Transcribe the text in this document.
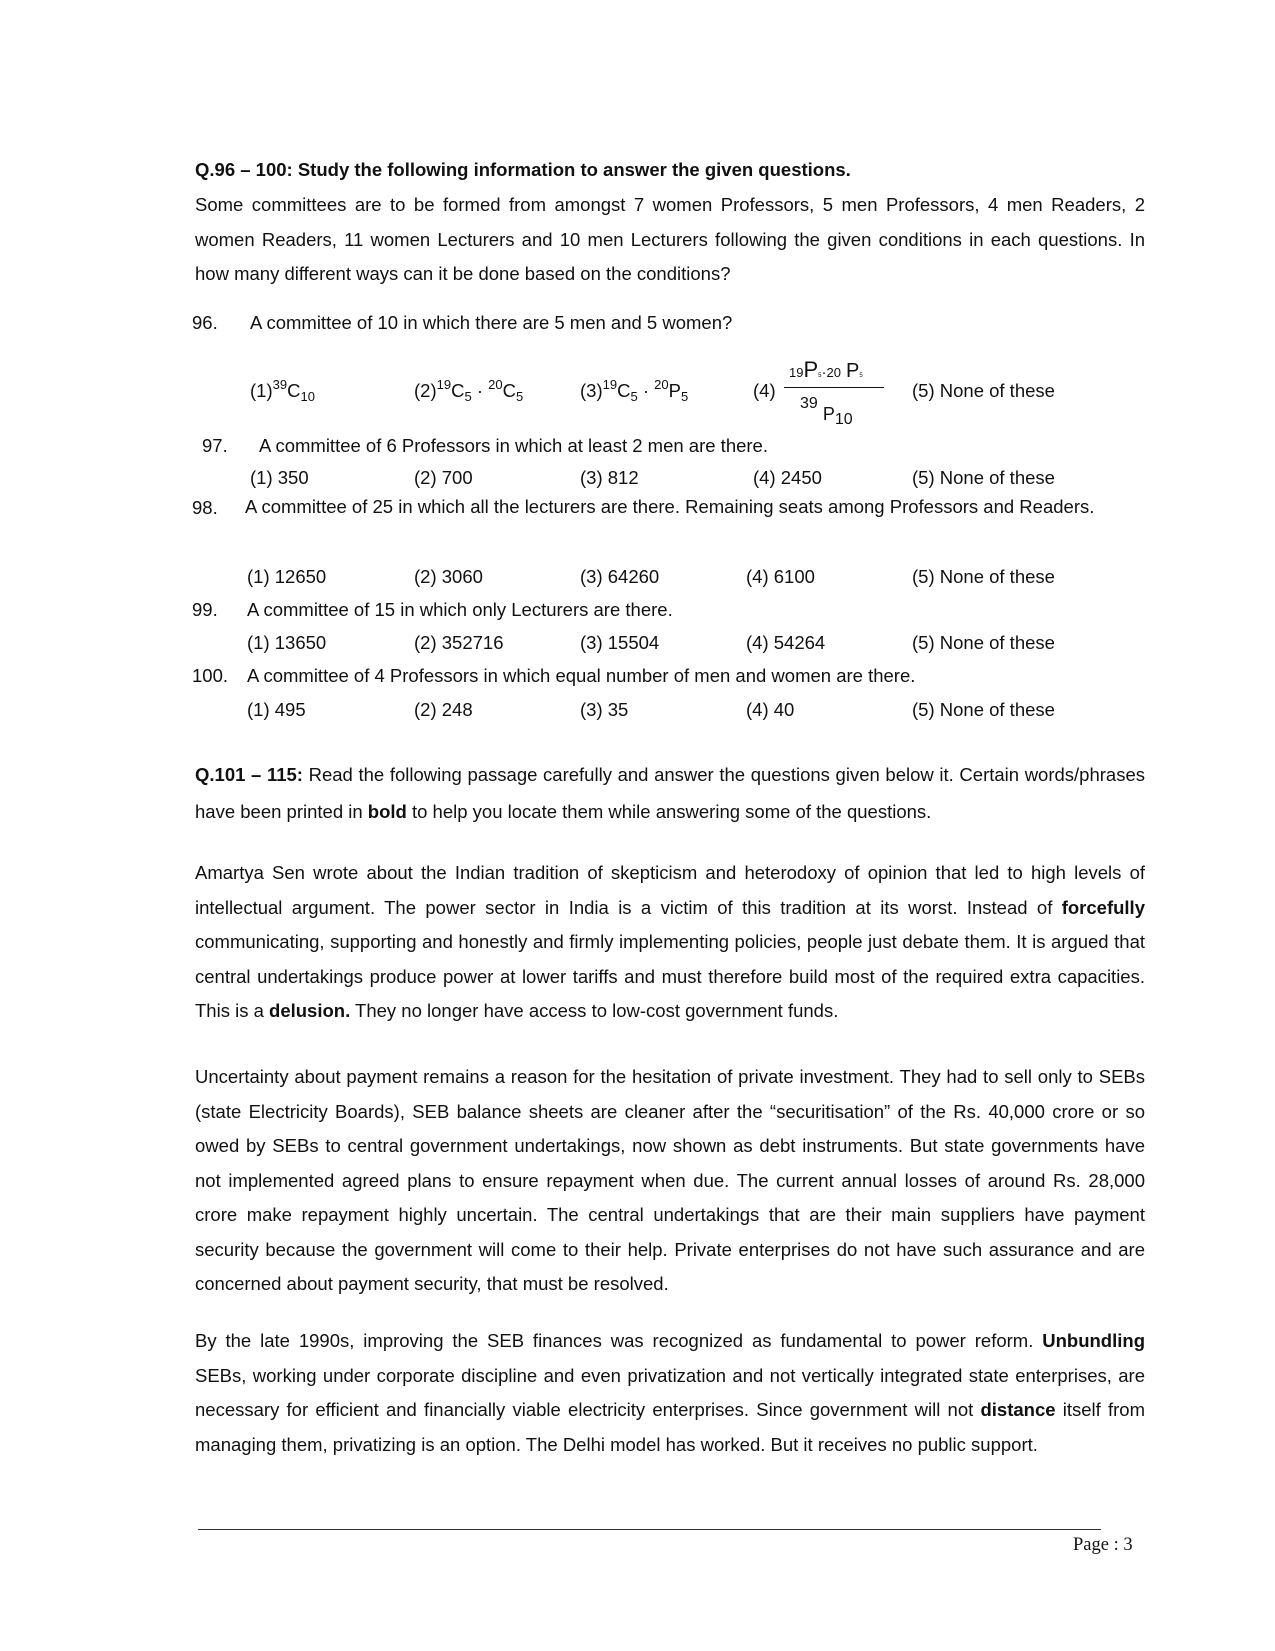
Q.96 – 100: Study the following information to answer the given questions.
Some committees are to be formed from amongst 7 women Professors, 5 men Professors, 4 men Readers, 2 women Readers, 11 women Lecturers and 10 men Lecturers following the given conditions in each questions. In how many different ways can it be done based on the conditions?
96. A committee of 10 in which there are 5 men and 5 women?
$(1)^{39}C_{10}$	$(2)^{19}C_5 \cdot ^{20}C_5$	$(3)^{19}C_5 \cdot ^{20}P_5$	(4)
19P5·20 P5
39 P10
(5) None of these
97. A committee of 6 Professors in which at least 2 men are there.
(1) 350	(2) 700	(3) 812	(4) 2450	(5) None of these
98. A committee of 25 in which all the lecturers are there. Remaining seats among Professors and Readers.
(1) 12650	(2) 3060	(3) 64260	(4) 6100	(5) None of these
99. A committee of 15 in which only Lecturers are there.
(1) 13650	(2) 352716	(3) 15504	(4) 54264	(5) None of these
100. A committee of 4 Professors in which equal number of men and women are there.
(1) 495	(2) 248	(3) 35	(4) 40	(5) None of these
Q.101 – 115: Read the following passage carefully and answer the questions given below it. Certain words/phrases have been printed in bold to help you locate them while answering some of the questions.
Amartya Sen wrote about the Indian tradition of skepticism and heterodoxy of opinion that led to high levels of intellectual argument. The power sector in India is a victim of this tradition at its worst. Instead of forcefully communicating, supporting and honestly and firmly implementing policies, people just debate them. It is argued that central undertakings produce power at lower tariffs and must therefore build most of the required extra capacities. This is a delusion. They no longer have access to low-cost government funds.
Uncertainty about payment remains a reason for the hesitation of private investment. They had to sell only to SEBs (state Electricity Boards), SEB balance sheets are cleaner after the “securitisation” of the Rs. 40,000 crore or so owed by SEBs to central government undertakings, now shown as debt instruments. But state governments have not implemented agreed plans to ensure repayment when due. The current annual losses of around Rs. 28,000 crore make repayment highly uncertain. The central undertakings that are their main suppliers have payment security because the government will come to their help. Private enterprises do not have such assurance and are concerned about payment security, that must be resolved.
By the late 1990s, improving the SEB finances was recognized as fundamental to power reform. Unbundling SEBs, working under corporate discipline and even privatization and not vertically integrated state enterprises, are necessary for efficient and financially viable electricity enterprises. Since government will not distance itself from managing them, privatizing is an option. The Delhi model has worked. But it receives no public support.
Page : 3
